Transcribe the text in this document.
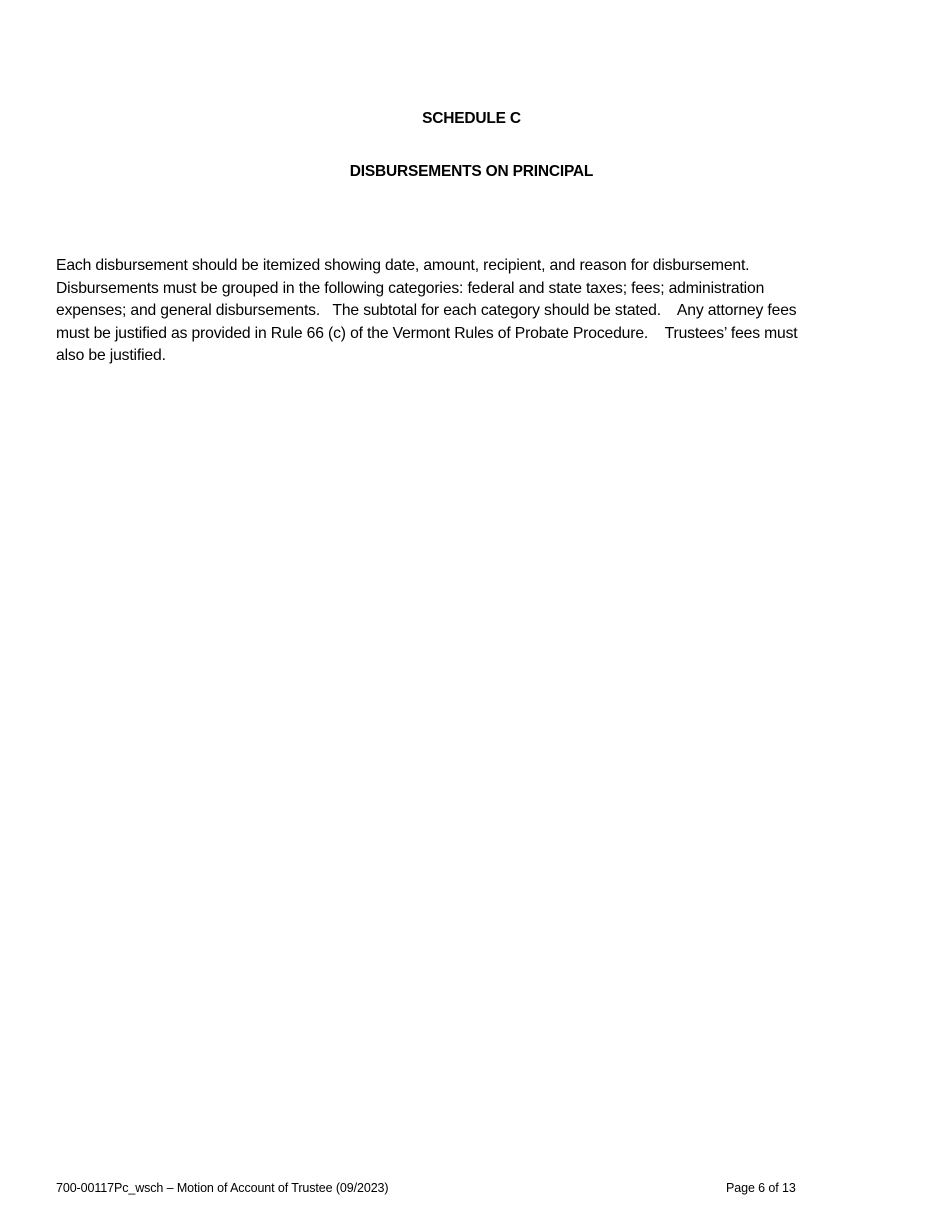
SCHEDULE C
DISBURSEMENTS ON PRINCIPAL

Each disbursement should be itemized showing date, amount, recipient, and reason for disbursement.
Disbursements must be grouped in the following categories: federal and state taxes; fees; administration
expenses; and general disbursements.   The subtotal for each category should be stated.    Any attorney fees
must be justified as provided in Rule 66 (c) of the Vermont Rules of Probate Procedure.    Trustees’ fees must
also be justified.

700-00117Pc_wsch – Motion of Account of Trustee (09/2023)	Page 6 of 13
